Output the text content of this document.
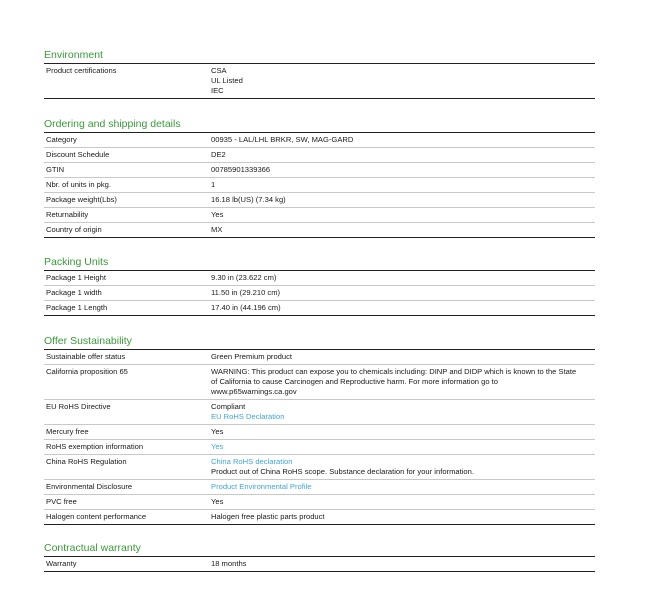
Environment
Product certifications	CSA
UL Listed
IEC
Ordering and shipping details
Category	00935 - LAL/LHL BRKR, SW, MAG-GARD
Discount Schedule	DE2
GTIN	00785901339366
Nbr. of units in pkg.	1
Package weight(Lbs)	16.18 lb(US) (7.34 kg)
Returnability	Yes
Country of origin	MX
Packing Units
Package 1 Height	9.30 in (23.622 cm)
Package 1 width	11.50 in (29.210 cm)
Package 1 Length	17.40 in (44.196 cm)
Offer Sustainability
Sustainable offer status	Green Premium product
California proposition 65	WARNING: This product can expose you to chemicals including: DINP and DIDP which is known to the State of California to cause Carcinogen and Reproductive harm. For more information go to www.p65warnings.ca.gov
EU RoHS Directive	Compliant
EU RoHS Declaration
Mercury free	Yes
RoHS exemption information	Yes
China RoHS Regulation	China RoHS declaration
Product out of China RoHS scope. Substance declaration for your information.
Environmental Disclosure	Product Environmental Profile
PVC free	Yes
Halogen content performance	Halogen free plastic parts product
Contractual warranty
Warranty	18 months
